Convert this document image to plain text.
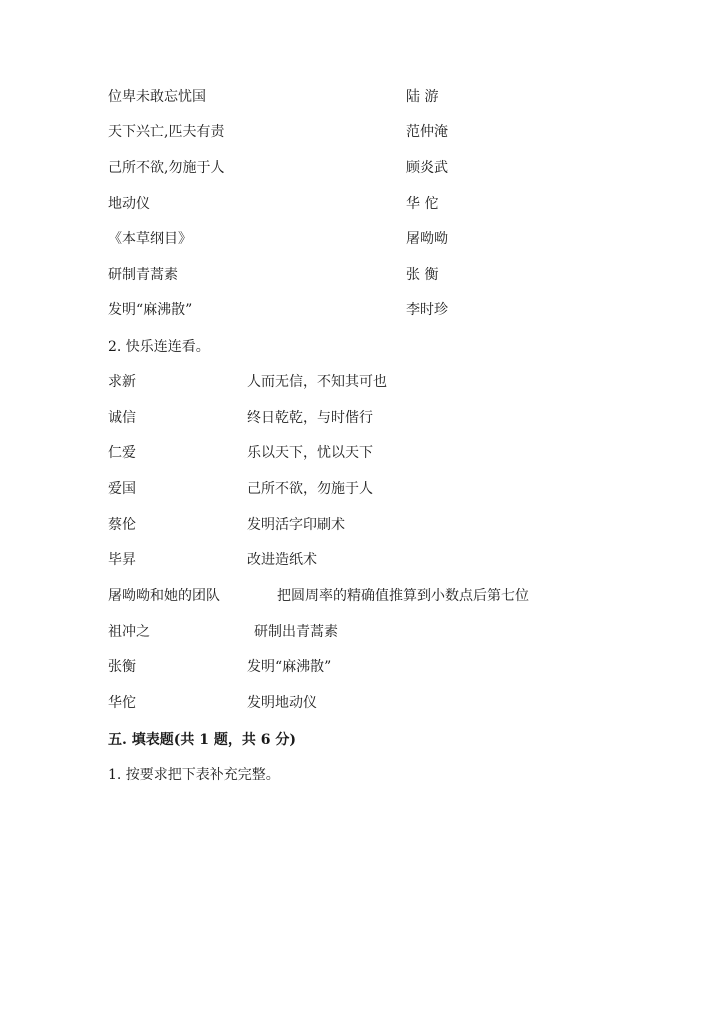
位卑未敢忘忧国
天下兴亡,匹夫有责
己所不欲,勿施于人
地动仪
《本草纲目》
研制青蒿素
发明“麻沸散”
陆 游
范仲淹
顾炎武
华 佗
屠呦呦
张 衡
李时珍
2. 快乐连连看。
求新
诚信
仁爱
爱国
蔡伦
毕昇
屠呦呦和她的团队
祖冲之
张衡
华佗
人而无信，不知其可也
终日乾乾，与时偕行
乐以天下，忧以天下
己所不欲，勿施于人
发明活字印刷术
改进造纸术
把圆周率的精确值推算到小数点后第七位
研制出青蒿素
发明“麻沸散”
发明地动仪
五. 填表题(共 1 题，共 6 分)
1. 按要求把下表补充完整。
